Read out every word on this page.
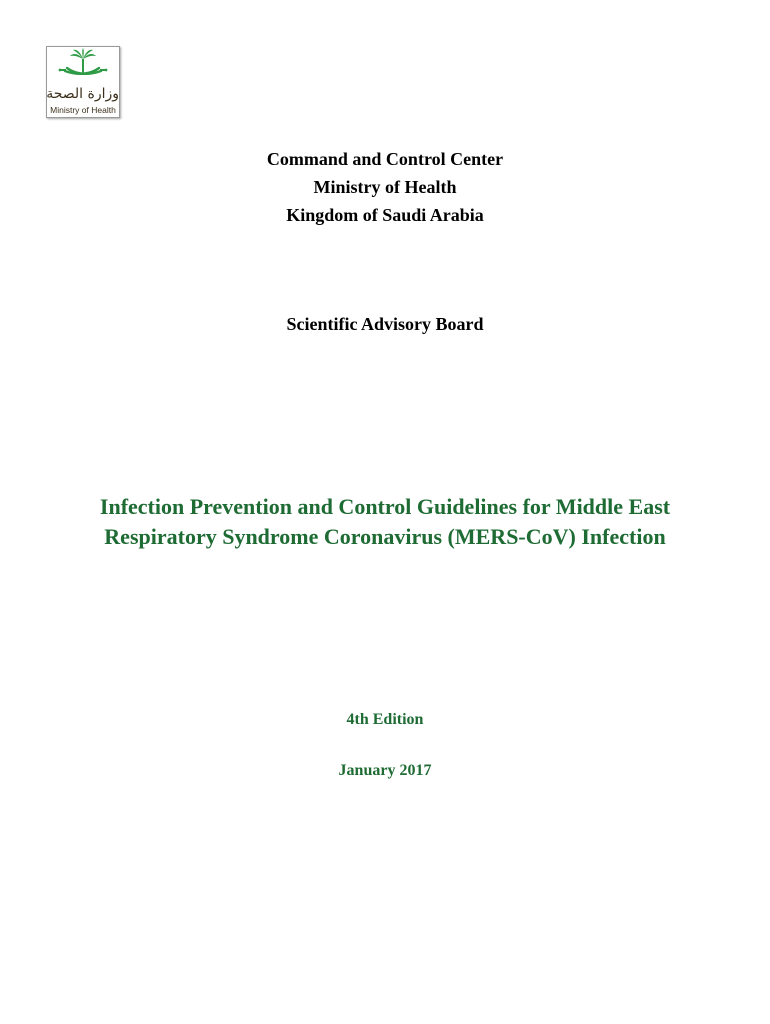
وزارة الصحة
Ministry of Health
Command and Control Center
Ministry of Health
Kingdom of Saudi Arabia
Scientific Advisory Board
Infection Prevention and Control Guidelines for Middle East
Respiratory Syndrome Coronavirus (MERS-CoV) Infection
4th Edition
January 2017
